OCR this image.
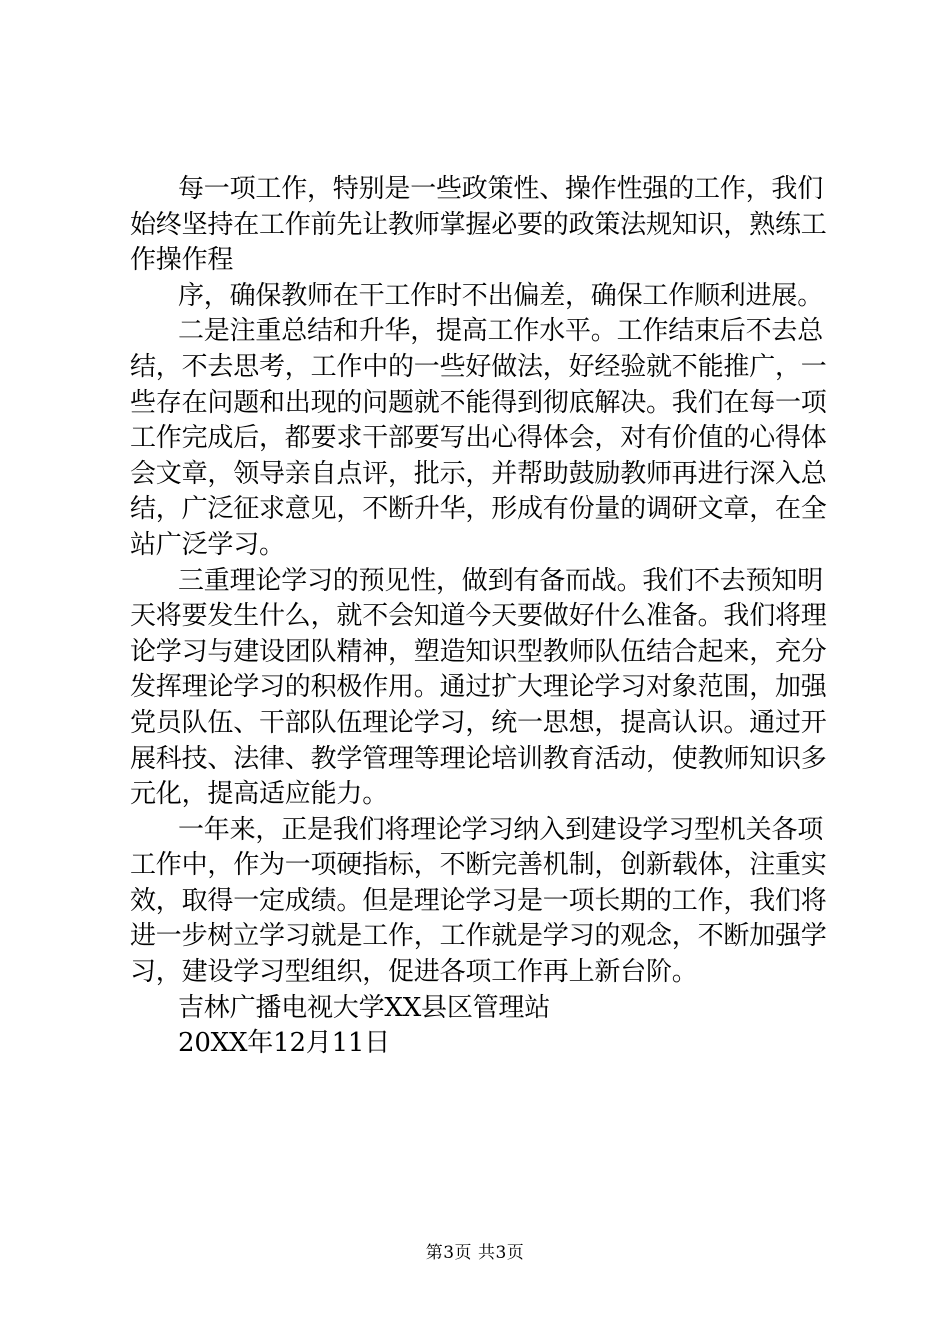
每一项工作，特别是一些政策性、操作性强的工作，我们
始终坚持在工作前先让教师掌握必要的政策法规知识，熟练工
作操作程
序，确保教师在干工作时不出偏差，确保工作顺利进展。
二是注重总结和升华，提高工作水平。工作结束后不去总
结，不去思考，工作中的一些好做法，好经验就不能推广，一
些存在问题和出现的问题就不能得到彻底解决。我们在每一项
工作完成后，都要求干部要写出心得体会，对有价值的心得体
会文章，领导亲自点评，批示，并帮助鼓励教师再进行深入总
结，广泛征求意见，不断升华，形成有份量的调研文章，在全
站广泛学习。
三重理论学习的预见性，做到有备而战。我们不去预知明
天将要发生什么，就不会知道今天要做好什么准备。我们将理
论学习与建设团队精神，塑造知识型教师队伍结合起来，充分
发挥理论学习的积极作用。通过扩大理论学习对象范围，加强
党员队伍、干部队伍理论学习，统一思想，提高认识。通过开
展科技、法律、教学管理等理论培训教育活动，使教师知识多
元化，提高适应能力。
一年来，正是我们将理论学习纳入到建设学习型机关各项
工作中，作为一项硬指标，不断完善机制，创新载体，注重实
效，取得一定成绩。但是理论学习是一项长期的工作，我们将
进一步树立学习就是工作，工作就是学习的观念，不断加强学
习，建设学习型组织，促进各项工作再上新台阶。
吉林广播电视大学XX县区管理站
20XX年12月11日
第3页 共3页
